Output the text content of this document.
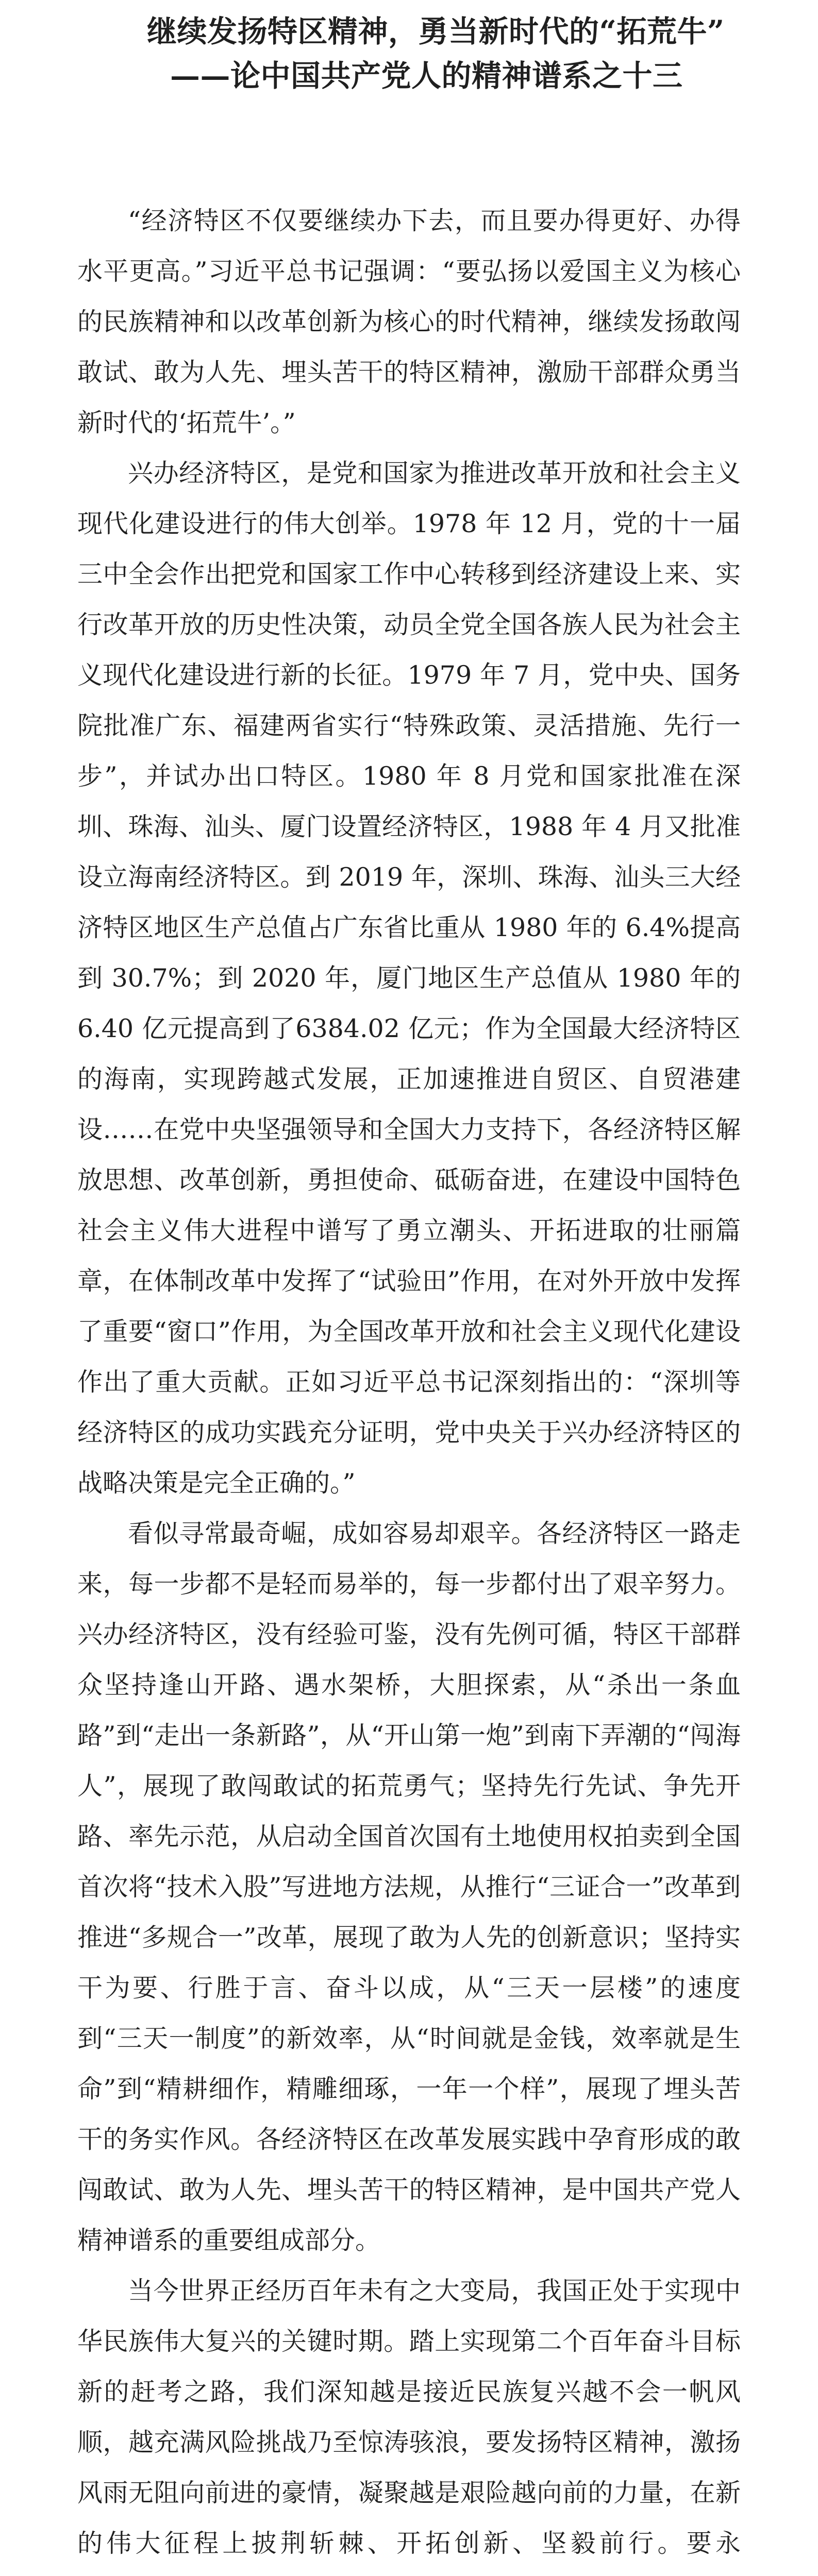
继续发扬特区精神，勇当新时代的“拓荒牛”
——论中国共产党人的精神谱系之十三

“经济特区不仅要继续办下去，而且要办得更好、办得水平更高。”习近平总书记强调：“要弘扬以爱国主义为核心的民族精神和以改革创新为核心的时代精神，继续发扬敢闯敢试、敢为人先、埋头苦干的特区精神，激励干部群众勇当新时代的‘拓荒牛’。”

兴办经济特区，是党和国家为推进改革开放和社会主义现代化建设进行的伟大创举。1978 年 12 月，党的十一届三中全会作出把党和国家工作中心转移到经济建设上来、实行改革开放的历史性决策，动员全党全国各族人民为社会主义现代化建设进行新的长征。1979 年 7 月，党中央、国务院批准广东、福建两省实行“特殊政策、灵活措施、先行一步”，并试办出口特区。1980 年 8 月党和国家批准在深圳、珠海、汕头、厦门设置经济特区，1988 年 4 月又批准设立海南经济特区。到 2019 年，深圳、珠海、汕头三大经济特区地区生产总值占广东省比重从 1980 年的 6.4%提高到 30.7%；到 2020 年，厦门地区生产总值从 1980 年的 6.40 亿元提高到了6384.02 亿元；作为全国最大经济特区的海南，实现跨越式发展，正加速推进自贸区、自贸港建设……在党中央坚强领导和全国大力支持下，各经济特区解放思想、改革创新，勇担使命、砥砺奋进，在建设中国特色社会主义伟大进程中谱写了勇立潮头、开拓进取的壮丽篇章，在体制改革中发挥了“试验田”作用，在对外开放中发挥了重要“窗口”作用，为全国改革开放和社会主义现代化建设作出了重大贡献。正如习近平总书记深刻指出的：“深圳等经济特区的成功实践充分证明，党中央关于兴办经济特区的战略决策是完全正确的。”

看似寻常最奇崛，成如容易却艰辛。各经济特区一路走来，每一步都不是轻而易举的，每一步都付出了艰辛努力。兴办经济特区，没有经验可鉴，没有先例可循，特区干部群众坚持逢山开路、遇水架桥，大胆探索，从“杀出一条血路”到“走出一条新路”，从“开山第一炮”到南下弄潮的“闯海人”，展现了敢闯敢试的拓荒勇气；坚持先行先试、争先开路、率先示范，从启动全国首次国有土地使用权拍卖到全国首次将“技术入股”写进地方法规，从推行“三证合一”改革到推进“多规合一”改革，展现了敢为人先的创新意识；坚持实干为要、行胜于言、奋斗以成，从“三天一层楼”的速度到“三天一制度”的新效率，从“时间就是金钱，效率就是生命”到“精耕细作，精雕细琢，一年一个样”，展现了埋头苦干的务实作风。各经济特区在改革发展实践中孕育形成的敢闯敢试、敢为人先、埋头苦干的特区精神，是中国共产党人精神谱系的重要组成部分。

当今世界正经历百年未有之大变局，我国正处于实现中华民族伟大复兴的关键时期。踏上实现第二个百年奋斗目标新的赶考之路，我们深知越是接近民族复兴越不会一帆风顺，越充满风险挑战乃至惊涛骇浪，要发扬特区精神，激扬风雨无阻向前进的豪情，凝聚越是艰险越向前的力量，在新的伟大征程上披荆斩棘、开拓创新、坚毅前行。要永
